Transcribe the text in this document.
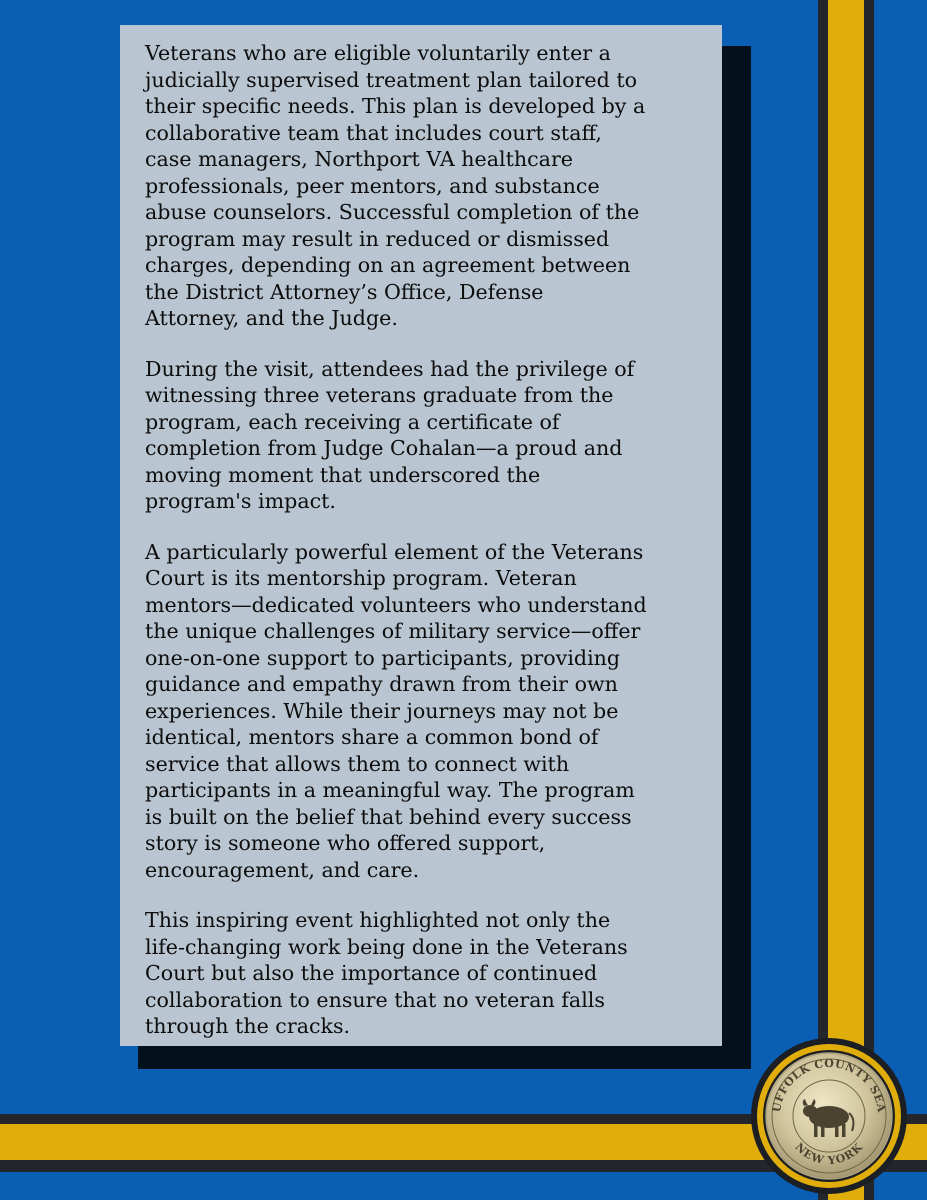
Veterans who are eligible voluntarily enter a
judicially supervised treatment plan tailored to
their specific needs. This plan is developed by a
collaborative team that includes court staff,
case managers, Northport VA healthcare
professionals, peer mentors, and substance
abuse counselors. Successful completion of the
program may result in reduced or dismissed
charges, depending on an agreement between
the District Attorney’s Office, Defense
Attorney, and the Judge.

During the visit, attendees had the privilege of
witnessing three veterans graduate from the
program, each receiving a certificate of
completion from Judge Cohalan—a proud and
moving moment that underscored the
program's impact.

A particularly powerful element of the Veterans
Court is its mentorship program. Veteran
mentors—dedicated volunteers who understand
the unique challenges of military service—offer
one-on-one support to participants, providing
guidance and empathy drawn from their own
experiences. While their journeys may not be
identical, mentors share a common bond of
service that allows them to connect with
participants in a meaningful way. The program
is built on the belief that behind every success
story is someone who offered support,
encouragement, and care.

This inspiring event highlighted not only the
life-changing work being done in the Veterans
Court but also the importance of continued
collaboration to ensure that no veteran falls
through the cracks.

UFFOLK COUNTY SEA
NEW YORK
